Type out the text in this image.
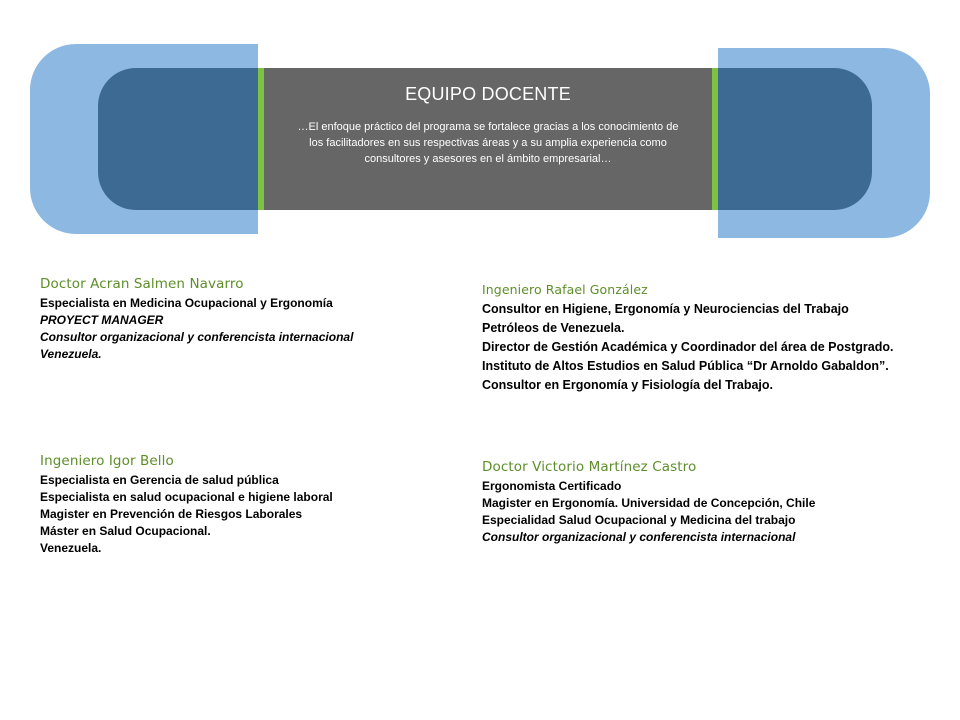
EQUIPO DOCENTE
…El enfoque práctico del programa se fortalece gracias a los conocimiento de los facilitadores en sus respectivas áreas y a su amplia experiencia como consultores y asesores en el ámbito empresarial…
Doctor Acran Salmen Navarro
Especialista en Medicina Ocupacional y Ergonomía
PROYECT MANAGER
Consultor organizacional y conferencista internacional
Venezuela.
Ingeniero Rafael González
Consultor en Higiene, Ergonomía y Neurociencias del Trabajo Petróleos de Venezuela.
Director de Gestión Académica y Coordinador del área de Postgrado. Instituto de Altos Estudios en Salud Pública “Dr Arnoldo Gabaldon”.
Consultor en Ergonomía y Fisiología del Trabajo.
Ingeniero Igor Bello
Especialista en Gerencia de salud pública
Especialista en salud ocupacional e higiene laboral
Magister en Prevención de Riesgos Laborales
Máster en Salud Ocupacional.
Venezuela.
Doctor Victorio Martínez Castro
Ergonomista Certificado
Magister en Ergonomía. Universidad de Concepción, Chile
Especialidad Salud Ocupacional y Medicina del trabajo
Consultor organizacional y conferencista internacional
